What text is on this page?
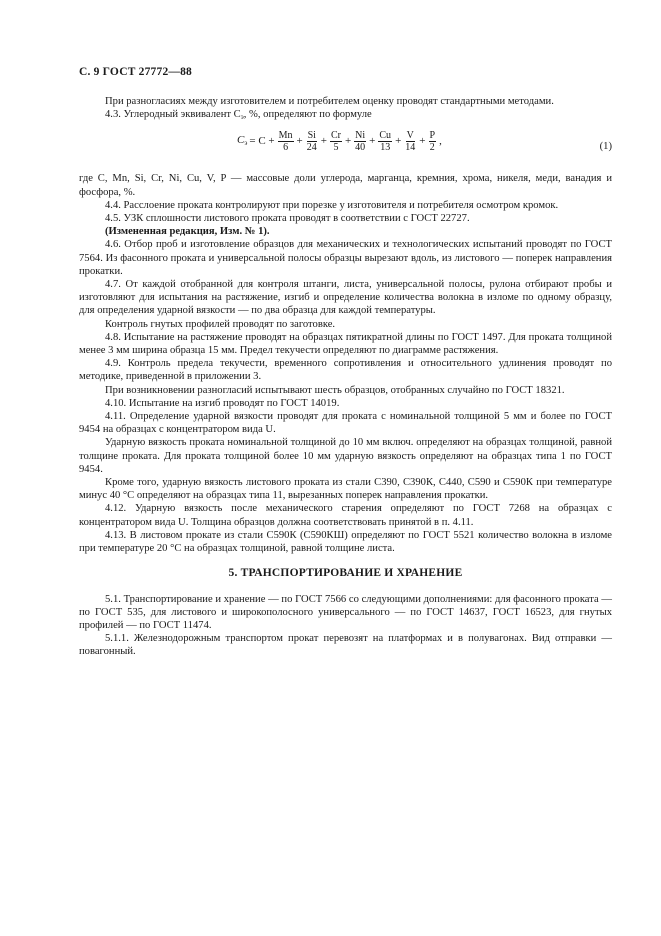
С. 9 ГОСТ 27772—88

При разногласиях между изготовителем и потребителем оценку проводят стандартными методами.

4.3. Углеродный эквивалент $C_э$, %, определяют по формуле

$C_э = C + \frac{Mn}{6} + \frac{Si}{24} + \frac{Cr}{5} + \frac{Ni}{40} + \frac{Cu}{13} + \frac{V}{14} + \frac{P}{2}$ ,	(1)

где C, Mn, Si, Cr, Ni, Cu, V, P — массовые доли углерода, марганца, кремния, хрома, никеля, меди, ванадия и фосфора, %.

4.4. Расслоение проката контролируют при порезке у изготовителя и потребителя осмотром кромок.

4.5. УЗК сплошности листового проката проводят в соответствии с ГОСТ 22727.

(Измененная редакция, Изм. № 1).

4.6. Отбор проб и изготовление образцов для механических и технологических испытаний проводят по ГОСТ 7564. Из фасонного проката и универсальной полосы образцы вырезают вдоль, из листового — поперек направления прокатки.

4.7. От каждой отобранной для контроля штанги, листа, универсальной полосы, рулона отбирают пробы и изготовляют для испытания на растяжение, изгиб и определение количества волокна в изломе по одному образцу, для определения ударной вязкости — по два образца для каждой температуры.

Контроль гнутых профилей проводят по заготовке.

4.8. Испытание на растяжение проводят на образцах пятикратной длины по ГОСТ 1497. Для проката толщиной менее 3 мм ширина образца 15 мм. Предел текучести определяют по диаграмме растяжения.

4.9. Контроль предела текучести, временного сопротивления и относительного удлинения проводят по методике, приведенной в приложении 3.

При возникновении разногласий испытывают шесть образцов, отобранных случайно по ГОСТ 18321.

4.10. Испытание на изгиб проводят по ГОСТ 14019.

4.11. Определение ударной вязкости проводят для проката с номинальной толщиной 5 мм и более по ГОСТ 9454 на образцах с концентратором вида U.

Ударную вязкость проката номинальной толщиной до 10 мм включ. определяют на образцах толщиной, равной толщине проката. Для проката толщиной более 10 мм ударную вязкость определяют на образцах типа 1 по ГОСТ 9454.

Кроме того, ударную вязкость листового проката из стали С390, С390К, С440, С590 и С590К при температуре минус 40 °С определяют на образцах типа 11, вырезанных поперек направления прокатки.

4.12. Ударную вязкость после механического старения определяют по ГОСТ 7268 на образцах с концентратором вида U. Толщина образцов должна соответствовать принятой в п. 4.11.

4.13. В листовом прокате из стали С590К (С590КШ) определяют по ГОСТ 5521 количество волокна в изломе при температуре 20 °С на образцах толщиной, равной толщине листа.

5. ТРАНСПОРТИРОВАНИЕ И ХРАНЕНИЕ

5.1. Транспортирование и хранение — по ГОСТ 7566 со следующими дополнениями: для фасонного проката — по ГОСТ 535, для листового и широкополосного универсального — по ГОСТ 14637, ГОСТ 16523, для гнутых профилей — по ГОСТ 11474.

5.1.1. Железнодорожным транспортом прокат перевозят на платформах и в полувагонах. Вид отправки — повагонный.
